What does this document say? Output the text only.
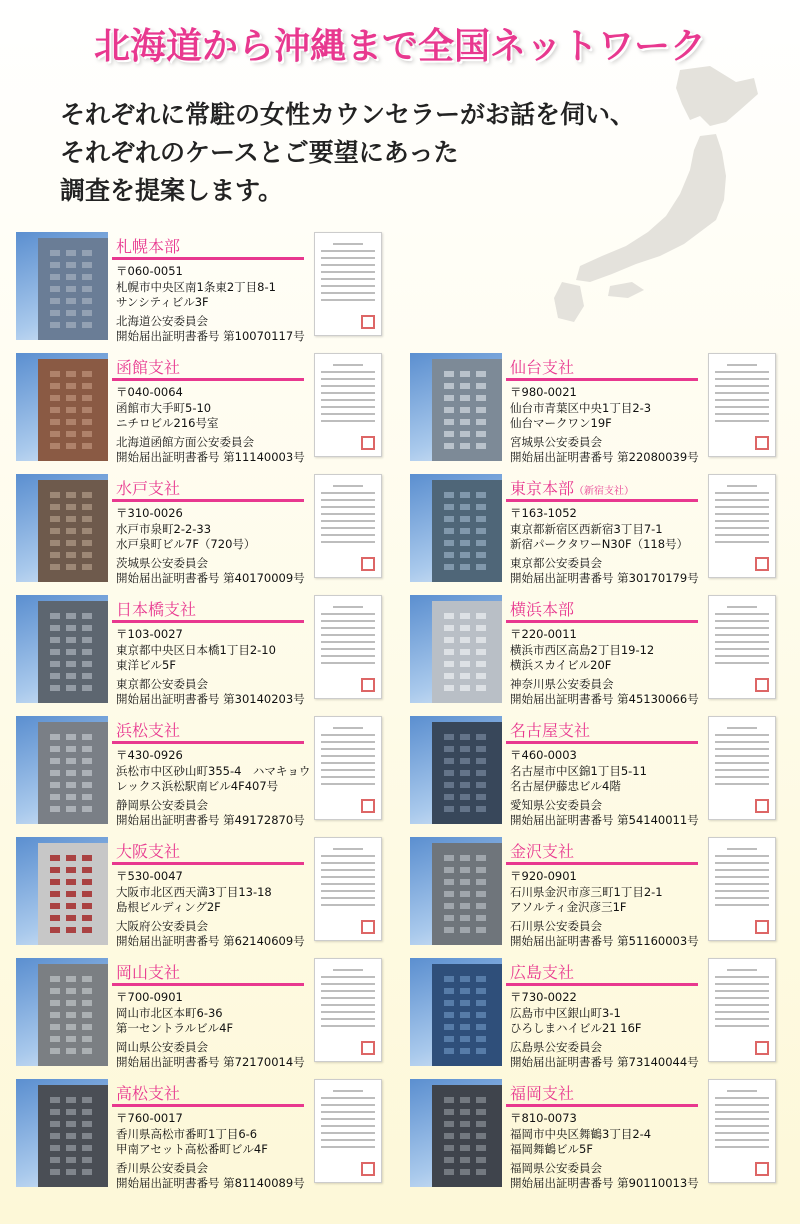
北海道から沖縄まで全国ネットワーク
それぞれに常駐の女性カウンセラーがお話を伺い、
それぞれのケースとご要望にあった
調査を提案します。
札幌本部
〒060-0051
札幌市中央区南1条東2丁目8-1
サンシティビル3F
北海道公安委員会
開始届出証明書番号 第10070117号
函館支社
〒040-0064
函館市大手町5-10
ニチロビル216号室
北海道函館方面公安委員会
開始届出証明書番号 第11140003号
仙台支社
〒980-0021
仙台市青葉区中央1丁目2-3
仙台マークワン19F
宮城県公安委員会
開始届出証明書番号 第22080039号
水戸支社
〒310-0026
水戸市泉町2-2-33
水戸泉町ビル7F（720号）
茨城県公安委員会
開始届出証明書番号 第40170009号
東京本部（新宿支社）
〒163-1052
東京都新宿区西新宿3丁目7-1
新宿パークタワーN30F（118号）
東京都公安委員会
開始届出証明書番号 第30170179号
日本橋支社
〒103-0027
東京都中央区日本橋1丁目2-10
東洋ビル5F
東京都公安委員会
開始届出証明書番号 第30140203号
横浜本部
〒220-0011
横浜市西区高島2丁目19-12
横浜スカイビル20F
神奈川県公安委員会
開始届出証明書番号 第45130066号
浜松支社
〒430-0926
浜松市中区砂山町355-4　ハマキョウ
レックス浜松駅南ビル4F407号
静岡県公安委員会
開始届出証明書番号 第49172870号
名古屋支社
〒460-0003
名古屋市中区錦1丁目5-11
名古屋伊藤忠ビル4階
愛知県公安委員会
開始届出証明書番号 第54140011号
大阪支社
〒530-0047
大阪市北区西天満3丁目13-18
島根ビルディング2F
大阪府公安委員会
開始届出証明書番号 第62140609号
金沢支社
〒920-0901
石川県金沢市彦三町1丁目2-1
アソルティ金沢彦三1F
石川県公安委員会
開始届出証明書番号 第51160003号
岡山支社
〒700-0901
岡山市北区本町6-36
第一セントラルビル4F
岡山県公安委員会
開始届出証明書番号 第72170014号
広島支社
〒730-0022
広島市中区銀山町3-1
ひろしまハイビル21 16F
広島県公安委員会
開始届出証明書番号 第73140044号
高松支社
〒760-0017
香川県高松市番町1丁目6-6
甲南アセット高松番町ビル4F
香川県公安委員会
開始届出証明書番号 第81140089号
福岡支社
〒810-0073
福岡市中央区舞鶴3丁目2-4
福岡舞鶴ビル5F
福岡県公安委員会
開始届出証明書番号 第90110013号
